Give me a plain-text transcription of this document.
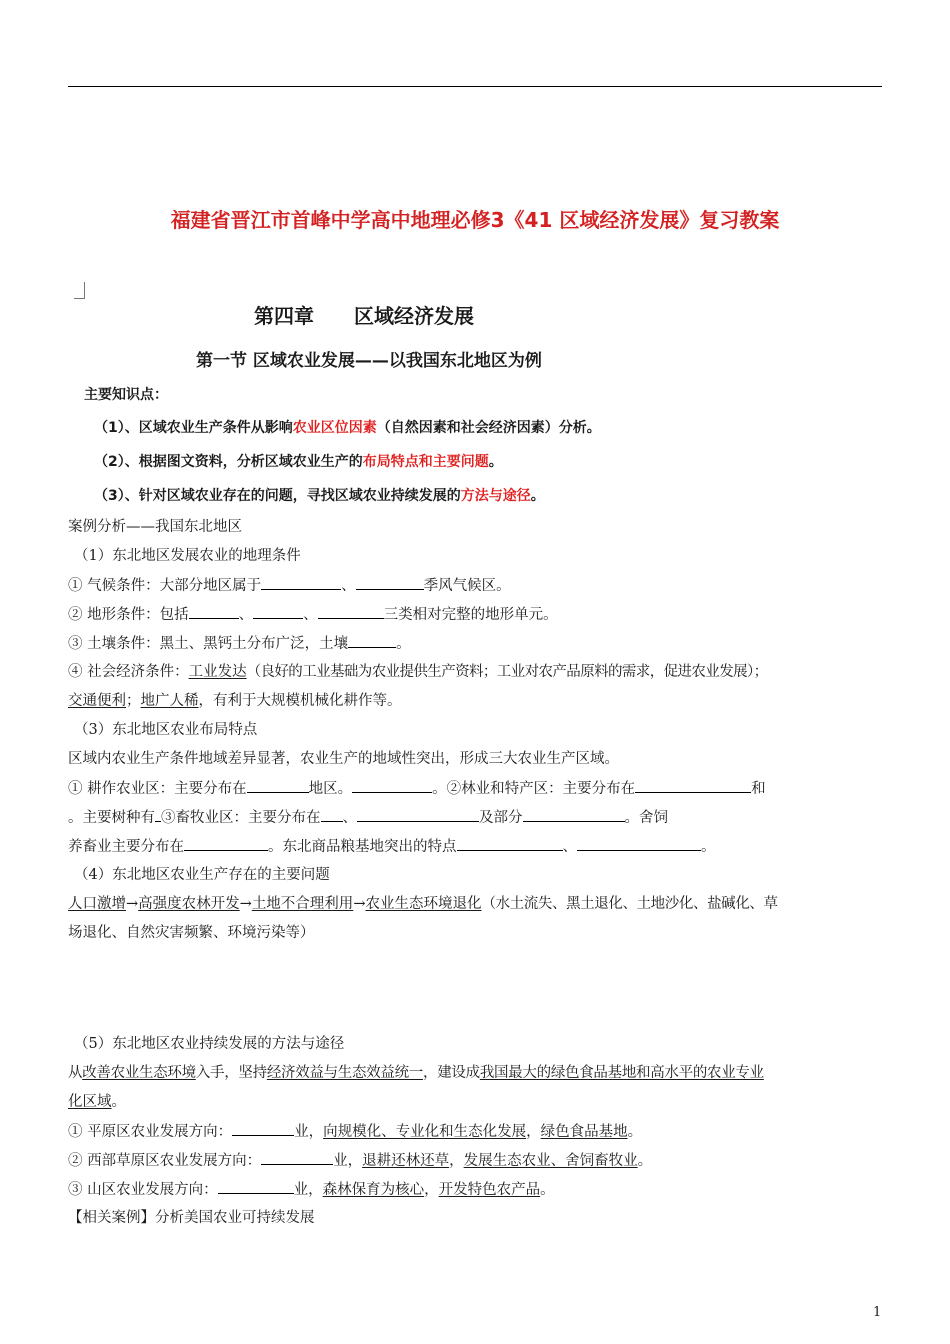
福建省晋江市首峰中学高中地理必修3《41 区域经济发展》复习教案
第四章 区域经济发展
第一节 区域农业发展——以我国东北地区为例
主要知识点：
（1）、区域农业生产条件从影响农业区位因素（自然因素和社会经济因素）分析。
（2）、根据图文资料，分析区域农业生产的布局特点和主要问题。
（3）、针对区域农业存在的问题，寻找区域农业持续发展的方法与途径。
案例分析——我国东北地区
（1）东北地区发展农业的地理条件
① 气候条件：大部分地区属于	、	季风气候区。
② 地形条件：包括	、	、	三类相对完整的地形单元。
③ 土壤条件：黑土、黑钙土分布广泛，土壤	。
④ 社会经济条件：工业发达（良好的工业基础为农业提供生产资料；工业对农产品原料的需求，促进农业发展）；
交通便利；地广人稀，有利于大规模机械化耕作等。
（3）东北地区农业布局特点
区域内农业生产条件地域差异显著，农业生产的地域性突出，形成三大农业生产区域。
① 耕作农业区：主要分布在	地区。	。②林业和特产区：主要分布在	和
。主要树种有 ③畜牧业区：主要分布在 、	及部分	。舍饲
养畜业主要分布在	。东北商品粮基地突出的特点	、	。
（4）东北地区农业生产存在的主要问题
人口激增→高强度农林开发→土地不合理利用→农业生态环境退化（水土流失、黑土退化、土地沙化、盐碱化、草
场退化、自然灾害频繁、环境污染等）
（5）东北地区农业持续发展的方法与途径
从改善农业生态环境入手，坚持经济效益与生态效益统一，建设成我国最大的绿色食品基地和高水平的农业专业
化区域。
① 平原区农业发展方向：	业，向规模化、专业化和生态化发展，绿色食品基地。
② 西部草原区农业发展方向：	业，退耕还林还草，发展生态农业、舍饲畜牧业。
③ 山区农业发展方向：	业，森林保育为核心，开发特色农产品。
【相关案例】分析美国农业可持续发展
1
